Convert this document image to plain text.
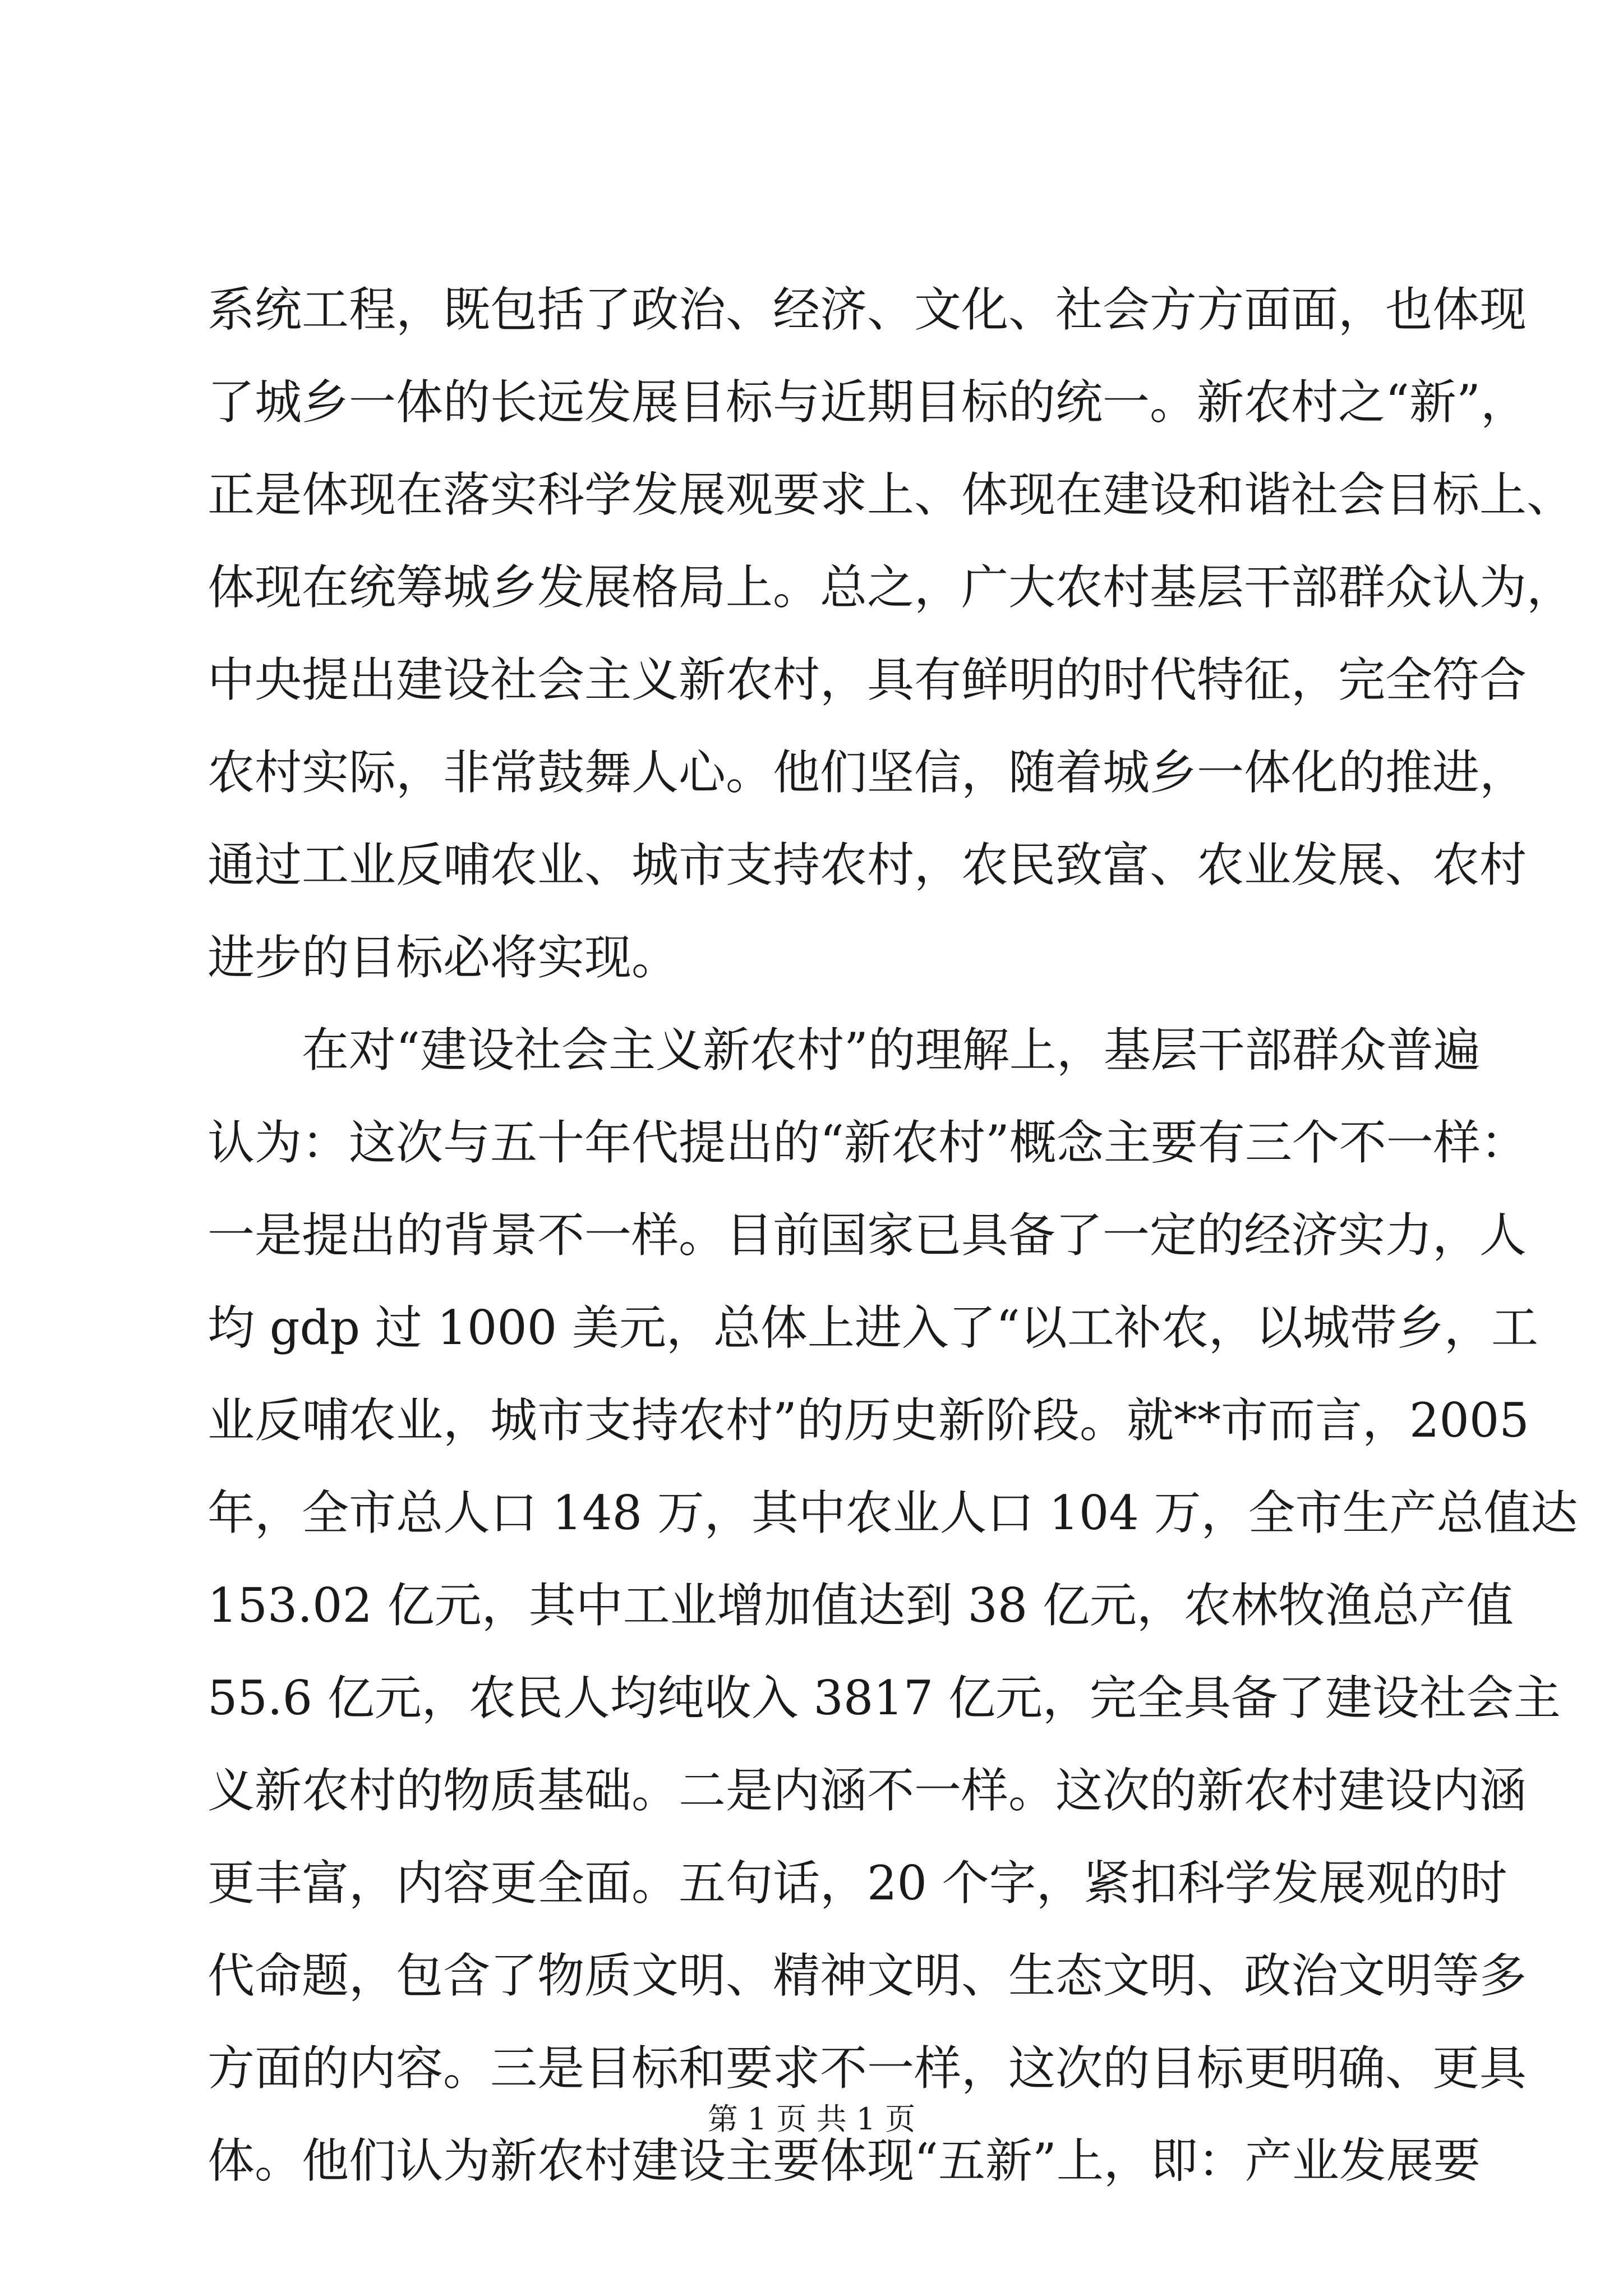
系统工程，既包括了政治、经济、文化、社会方方面面，也体现
了城乡一体的长远发展目标与近期目标的统一。新农村之“新”，
正是体现在落实科学发展观要求上、体现在建设和谐社会目标上、
体现在统筹城乡发展格局上。总之，广大农村基层干部群众认为，
中央提出建设社会主义新农村，具有鲜明的时代特征，完全符合
农村实际，非常鼓舞人心。他们坚信，随着城乡一体化的推进，
通过工业反哺农业、城市支持农村，农民致富、农业发展、农村
进步的目标必将实现。
　　在对“建设社会主义新农村”的理解上，基层干部群众普遍
认为：这次与五十年代提出的“新农村”概念主要有三个不一样：
一是提出的背景不一样。目前国家已具备了一定的经济实力，人
均 gdp 过 1000 美元，总体上进入了“以工补农，以城带乡，工
业反哺农业，城市支持农村”的历史新阶段。就**市而言，2005
年，全市总人口 148 万，其中农业人口 104 万，全市生产总值达
153.02 亿元，其中工业增加值达到 38 亿元，农林牧渔总产值
55.6 亿元，农民人均纯收入 3817 亿元，完全具备了建设社会主
义新农村的物质基础。二是内涵不一样。这次的新农村建设内涵
更丰富，内容更全面。五句话，20 个字，紧扣科学发展观的时
代命题，包含了物质文明、精神文明、生态文明、政治文明等多
方面的内容。三是目标和要求不一样，这次的目标更明确、更具
体。他们认为新农村建设主要体现“五新”上，即：产业发展要
第 1 页 共 1 页
